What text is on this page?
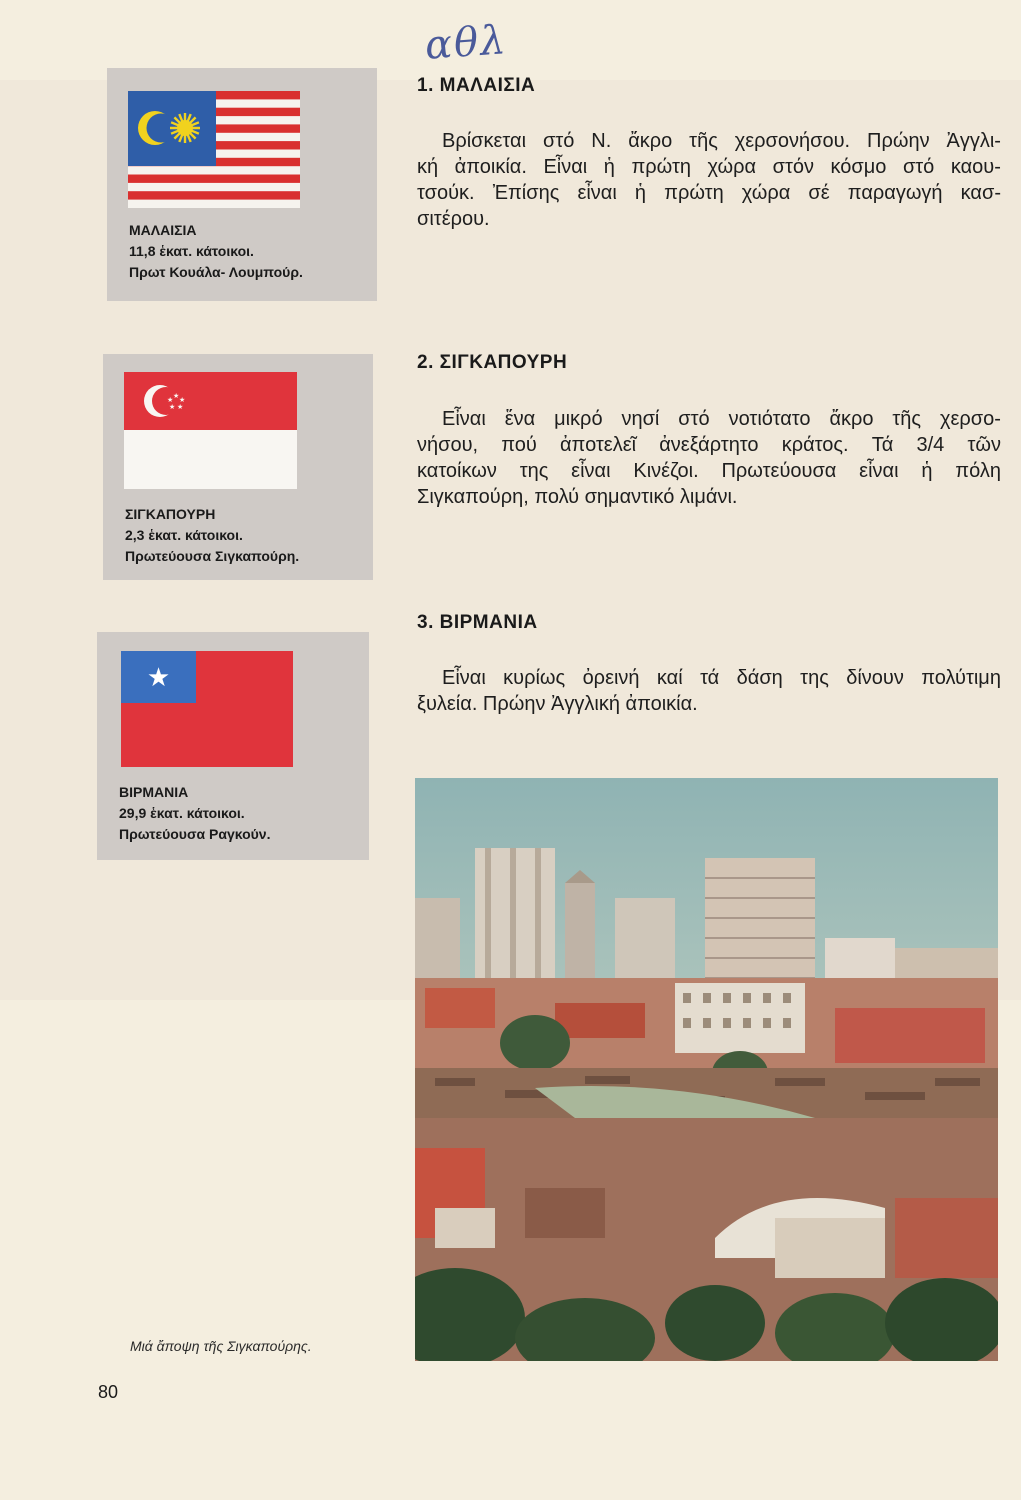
αθλ
ΜΑΛΑΙΣΙΑ
11,8 ἑκατ. κάτοικοι.
Πρωτ Κουάλα- Λουμπούρ.
★ ★
★
★
★
ΣΙΓΚΑΠΟΥΡΗ
2,3 ἑκατ. κάτοικοι.
Πρωτεύουσα Σιγκαπούρη.
★
ΒΙΡΜΑΝΙΑ
29,9 ἑκατ. κάτοικοι.
Πρωτεύουσα Ραγκούν.
1. ΜΑΛΑΙΣΙΑ
Βρίσκεται στό Ν. ἄκρο τῆς χερσονήσου. Πρώην Ἀγγλι-
κή ἀποικία. Εἶναι ἡ πρώτη χώρα στόν κόσμο στό καου-
τσούκ. Ἐπίσης εἶναι ἡ πρώτη χώρα σέ παραγωγή κασ-
σιτέρου.
2. ΣΙΓΚΑΠΟΥΡΗ
Εἶναι ἕνα μικρό νησί στό νοτιότατο ἄκρο τῆς χερσο-
νήσου, πού ἀποτελεῖ ἀνεξάρτητο κράτος. Τά 3/4 τῶν
κατοίκων της εἶναι Κινέζοι. Πρωτεύουσα εἶναι ἡ πόλη
Σιγκαπούρη, πολύ σημαντικό λιμάνι.
3. ΒΙΡΜΑΝΙΑ
Εἶναι κυρίως ὀρεινή καί τά δάση της δίνουν πολύτιμη
ξυλεία. Πρώην Ἀγγλική ἀποικία.
Μιά ἄποψη τῆς Σιγκαπούρης.
80
